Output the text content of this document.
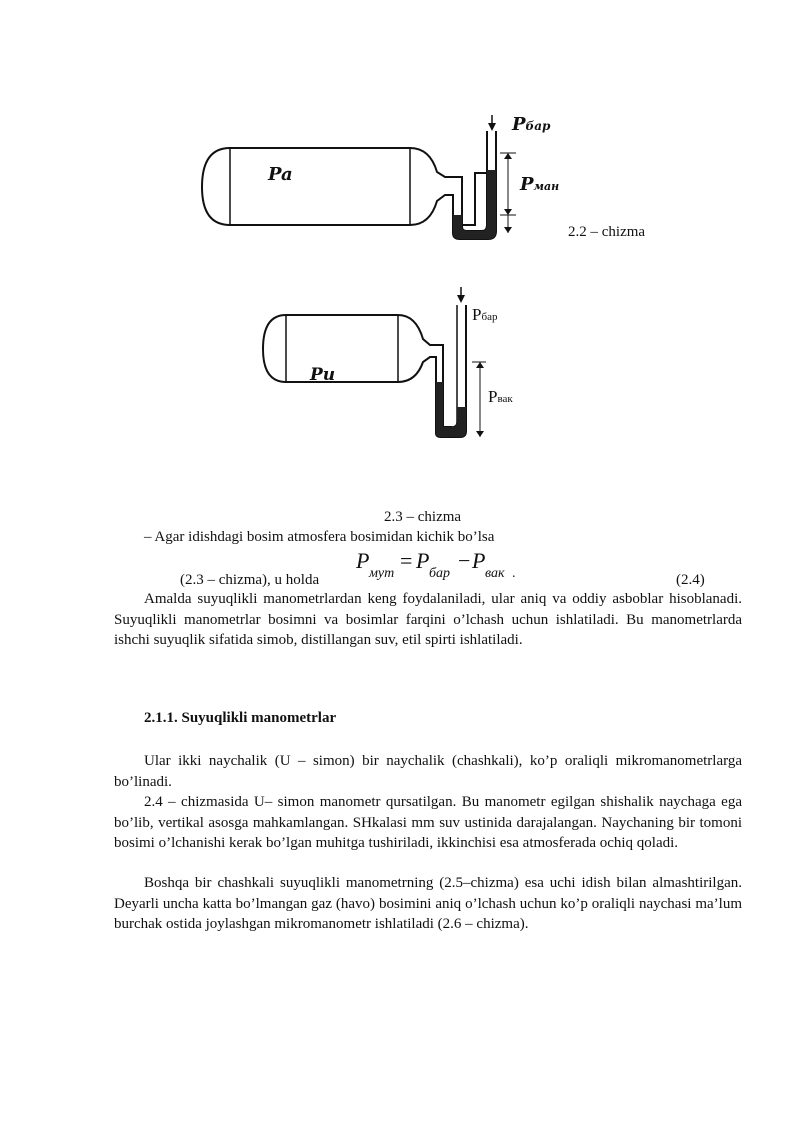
Pa
Pбар
Pман
2.2 – chizma
Pu
Pбар
Pвак
2.3 – chizma
– Agar idishdagi bosim atmosfera bosimidan kichik bo’lsa
(2.3 – chizma), u holda
P
мут
= P
бар
− P
вак .	(2.4)
Amalda suyuqlikli manometrlardan keng foydalaniladi, ular aniq va oddiy asboblar hisoblanadi. Suyuqlikli manometrlar bosimni va bosimlar farqini o’lchash uchun ishlatiladi. Bu manometrlarda ishchi suyuqlik sifatida simob, distillangan suv, etil spirti ishlatiladi.
2.1.1. Suyuqlikli manometrlar
Ular ikki naychalik (U – simon) bir naychalik (chashkali), ko’p oraliqli mikromanometrlarga bo’linadi.
2.4 – chizmasida U– simon manometr qursatilgan. Bu manometr egilgan shishalik naychaga ega bo’lib, vertikal asosga mahkamlangan. SHkalasi mm suv ustinida darajalangan. Naychaning bir tomoni bosimi o’lchanishi kerak bo’lgan muhitga tushiriladi, ikkinchisi esa atmosferada ochiq qoladi.
Boshqa bir chashkali suyuqlikli manometrning (2.5–chizma) esa uchi idish bilan almashtirilgan. Deyarli uncha katta bo’lmangan gaz (havo) bosimini aniq o’lchash uchun ko’p oraliqli naychasi ma’lum burchak ostida joylashgan mikromanometr ishlatiladi (2.6 – chizma).
